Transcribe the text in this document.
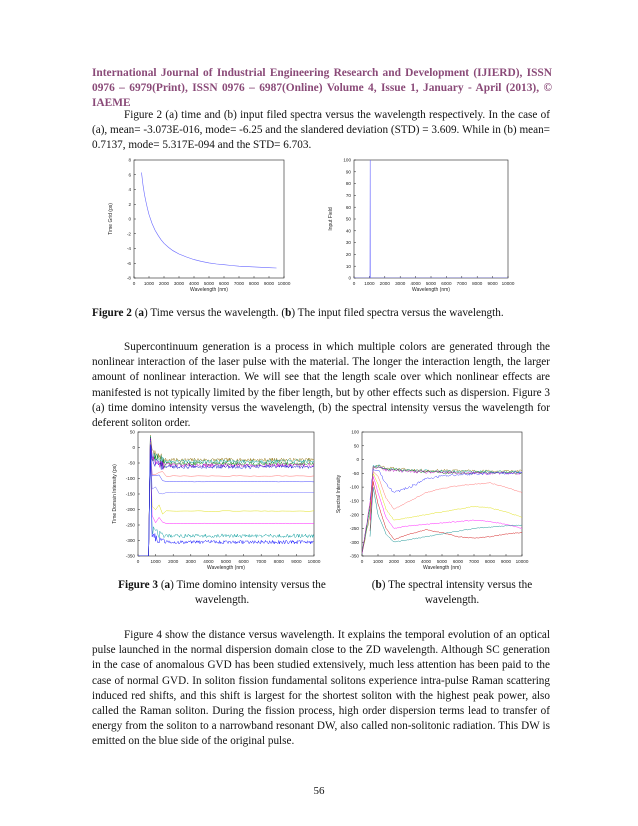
International Journal of Industrial Engineering Research and Development (IJIERD), ISSN 0976 – 6979(Print), ISSN 0976 – 6987(Online) Volume 4, Issue 1, January - April (2013), © IAEME

Figure 2 (a) time and (b) input filed spectra versus the wavelength respectively. In the case of (a), mean= -3.073E-016, mode= -6.25 and the slandered deviation (STD) = 3.609. While in (b) mean= 0.7137, mode= 5.317E-094 and the STD= 6.703.

0 1000 2000 3000 4000 5000 6000 7000 8000 9000 10000
-8
-6
-4
-2
0
2
4
6
8
Wavelength (nm)
Time Grid (ps)
0 1000 2000 3000 4000 5000 6000 7000 8000 9000 10000
0
10
20
30
40
50
60
70
80
90
100
Wavelength (nm)
Input Field
Figure 2 (a) Time versus the wavelength. (b) The input filed spectra versus the wavelength.

Supercontinuum generation is a process in which multiple colors are generated through the nonlinear interaction of the laser pulse with the material. The longer the interaction length, the larger amount of nonlinear interaction. We will see that the length scale over which nonlinear effects are manifested is not typically limited by the fiber length, but by other effects such as dispersion. Figure 3 (a) time domino intensity versus the wavelength, (b) the spectral intensity versus the wavelength for deferent soliton order.

0 1000 2000 3000 4000 5000 6000 7000 8000 9000 10000
-350
-300
-250
-200
-150
-100
-50
0
50
Wavelength (nm)
Time Domain Intensity (ps)
0 1000 2000 3000 4000 5000 6000 7000 8000 9000 10000
-350
-300
-250
-200
-150
-100
-50
0
50
100
Wavelength (nm)
Spectral Intensity
Figure 3 (a) Time domino intensity versus the
wavelength.
(b) The spectral intensity versus the
wavelength.

Figure 4 show the distance versus wavelength. It explains the temporal evolution of an optical pulse launched in the normal dispersion domain close to the ZD wavelength. Although SC generation in the case of anomalous GVD has been studied extensively, much less attention has been paid to the case of normal GVD. In soliton fission fundamental solitons experience intra-pulse Raman scattering induced red shifts, and this shift is largest for the shortest soliton with the highest peak power, also called the Raman soliton. During the fission process, high order dispersion terms lead to transfer of energy from the soliton to a narrowband resonant DW, also called non-solitonic radiation. This DW is emitted on the blue side of the original pulse.

56
